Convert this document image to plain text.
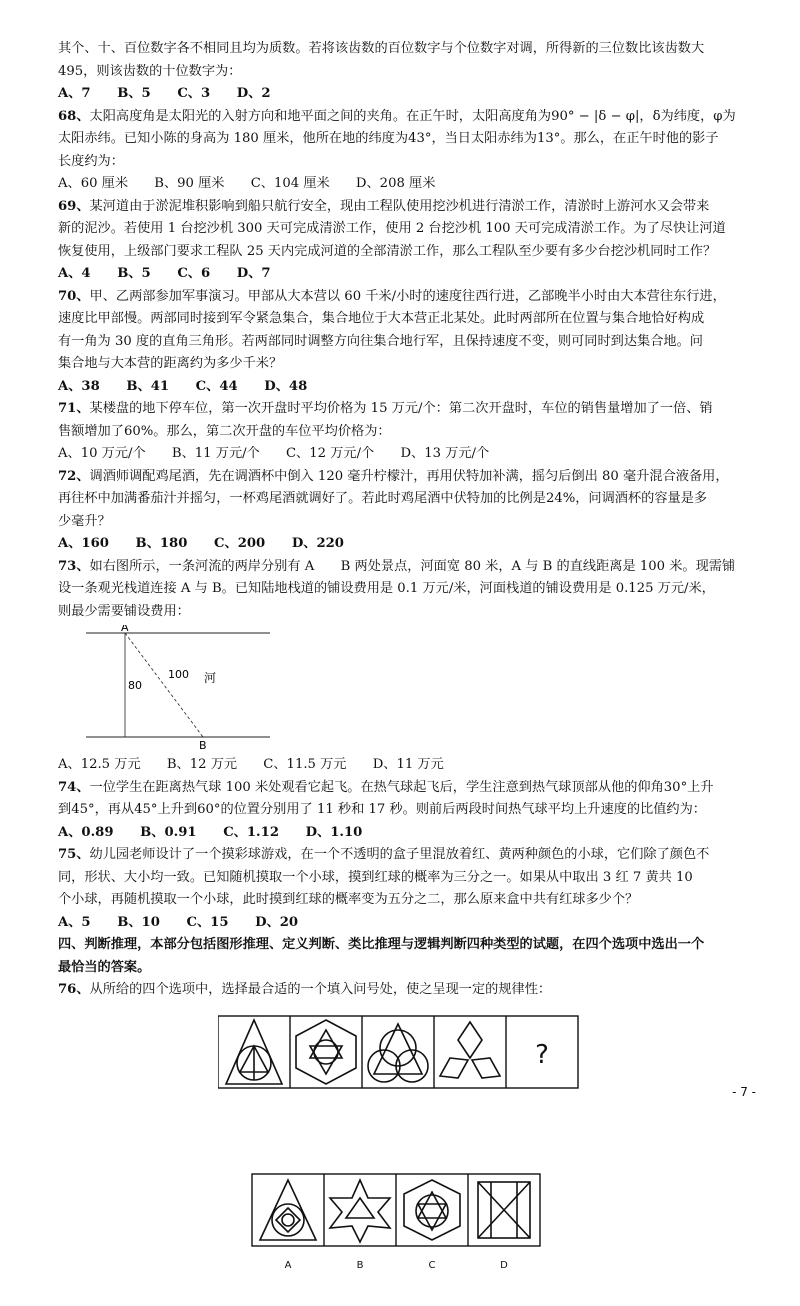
其个、十、百位数字各不相同且均为质数。若将该齿数的百位数字与个位数字对调，所得新的三位数比该齿数大
495，则该齿数的十位数字为：
A、7 B、5 C、3 D、2
68、太阳高度角是太阳光的入射方向和地平面之间的夹角。在正午时，太阳高度角为90° − |δ − φ|，δ为纬度，φ为
太阳赤纬。已知小陈的身高为 180 厘米，他所在地的纬度为43°，当日太阳赤纬为13°。那么，在正午时他的影子
长度约为：
A、60 厘米 B、90 厘米 C、104 厘米 D、208 厘米
69、某河道由于淤泥堆积影响到船只航行安全，现由工程队使用挖沙机进行清淤工作，清淤时上游河水又会带来
新的泥沙。若使用 1 台挖沙机 300 天可完成清淤工作，使用 2 台挖沙机 100 天可完成清淤工作。为了尽快让河道
恢复使用，上级部门要求工程队 25 天内完成河道的全部清淤工作，那么工程队至少要有多少台挖沙机同时工作？
A、4 B、5 C、6 D、7
70、甲、乙两部参加军事演习。甲部从大本营以 60 千米/小时的速度往西行进，乙部晚半小时由大本营往东行进，
速度比甲部慢。两部同时接到军令紧急集合，集合地位于大本营正北某处。此时两部所在位置与集合地恰好构成
有一角为 30 度的直角三角形。若两部同时调整方向往集合地行军，且保持速度不变，则可同时到达集合地。问
集合地与大本营的距离约为多少千米？
A、38 B、41 C、44 D、48
71、某楼盘的地下停车位，第一次开盘时平均价格为 15 万元/个：第二次开盘时，车位的销售量增加了一倍、销
售额增加了60%。那么，第二次开盘的车位平均价格为：
A、10 万元/个 B、11 万元/个 C、12 万元/个 D、13 万元/个
72、调酒师调配鸡尾酒，先在调酒杯中倒入 120 毫升柠檬汁，再用伏特加补满，摇匀后倒出 80 毫升混合液备用，
再往杯中加满番茄汁并摇匀，一杯鸡尾酒就调好了。若此时鸡尾酒中伏特加的比例是24%，问调酒杯的容量是多
少毫升？
A、160 B、180 C、200 D、220
73、如右图所示，一条河流的两岸分别有 A　　B 两处景点，河面宽 80 米，A 与 B 的直线距离是 100 米。现需铺
设一条观光栈道连接 A 与 B。已知陆地栈道的铺设费用是 0.1 万元/米，河面栈道的铺设费用是 0.125 万元/米，
则最少需要铺设费用：
A
B
80
100 河
A、12.5 万元 B、12 万元 C、11.5 万元 D、11 万元
74、一位学生在距离热气球 100 米处观看它起飞。在热气球起飞后，学生注意到热气球顶部从他的仰角30°上升
到45°，再从45°上升到60°的位置分别用了 11 秒和 17 秒。则前后两段时间热气球平均上升速度的比值约为：
A、0.89 B、0.91 C、1.12 D、1.10
75、幼儿园老师设计了一个摸彩球游戏，在一个不透明的盒子里混放着红、黄两种颜色的小球，它们除了颜色不
同，形状、大小均一致。已知随机摸取一个小球，摸到红球的概率为三分之一。如果从中取出 3 红 7 黄共 10
个小球，再随机摸取一个小球，此时摸到红球的概率变为五分之二，那么原来盒中共有红球多少个？
A、5 B、10 C、15 D、20
四、判断推理，本部分包括图形推理、定义判断、类比推理与逻辑判断四种类型的试题，在四个选项中选出一个
最恰当的答案。
76、从所给的四个选项中，选择最合适的一个填入问号处，使之呈现一定的规律性：
?
A	B	C	D
- 7 -
